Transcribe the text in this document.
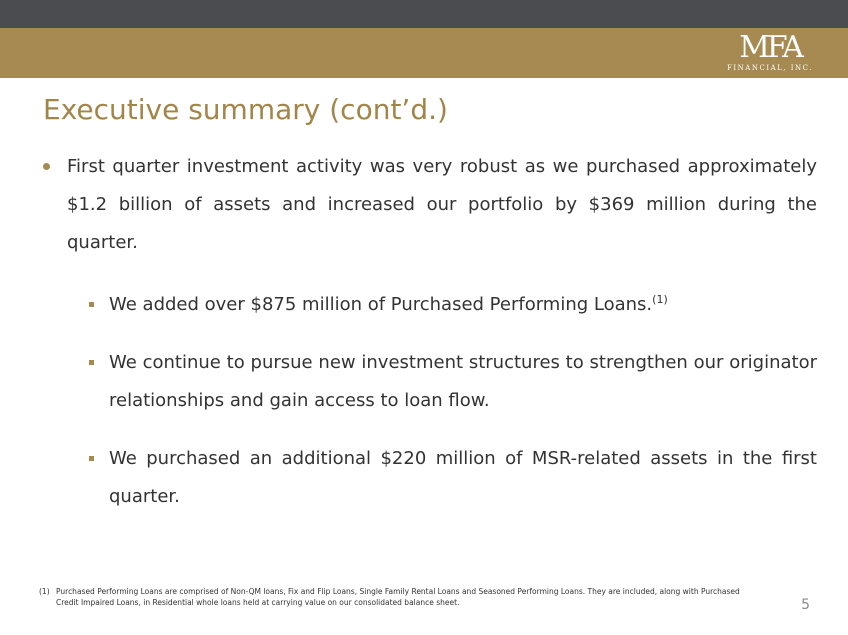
MFA
FINANCIAL, INC.
Executive summary (cont’d.)
First quarter investment activity was very robust as we purchased approximately $1.2 billion of assets and increased our portfolio by $369 million during the quarter.
We added over $875 million of Purchased Performing Loans.$^{(1)}$
We continue to pursue new investment structures to strengthen our originator relationships and gain access to loan flow.
We purchased an additional $220 million of MSR-related assets in the first quarter.
(1) Purchased Performing Loans are comprised of Non-QM loans, Fix and Flip Loans, Single Family Rental Loans and Seasoned Performing Loans. They are included, along with Purchased Credit Impaired Loans, in Residential whole loans held at carrying value on our consolidated balance sheet.	5
